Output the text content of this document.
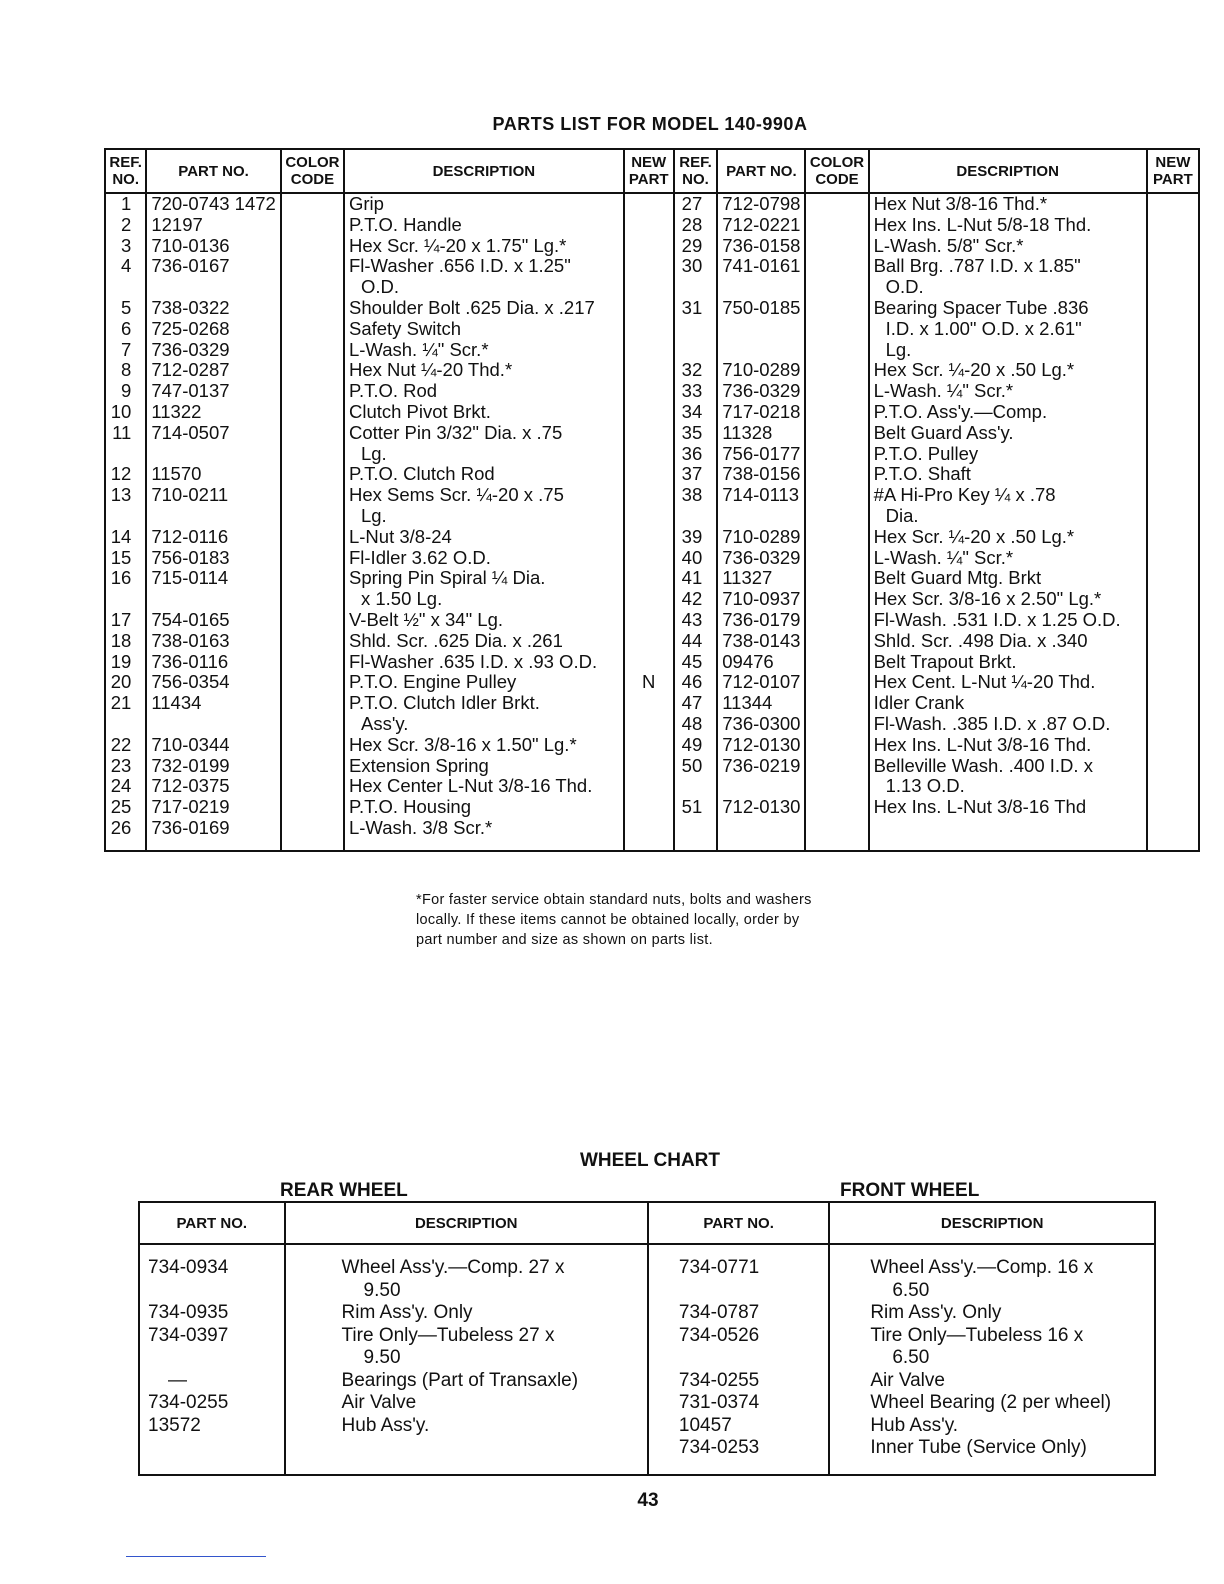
PARTS LIST FOR MODEL 140-990A
REF. NO.	PART NO.	COLOR CODE	DESCRIPTION	NEW PART	REF. NO.	PART NO.	COLOR CODE	DESCRIPTION	NEW PART
1	720-0743 1472		Grip		27	712-0798		Hex Nut 3/8-16 Thd.*	
2	12197		P.T.O. Handle		28	712-0221		Hex Ins. L-Nut 5/8-18 Thd.	
3	710-0136		Hex Scr. ¼-20 x 1.75" Lg.*		29	736-0158		L-Wash. 5/8" Scr.*	
4	736-0167		Fl-Washer .656 I.D. x 1.25"		30	741-0161		Ball Brg. .787 I.D. x 1.85"	
			O.D.					O.D.	
5	738-0322		Shoulder Bolt .625 Dia. x .217		31	750-0185		Bearing Spacer Tube .836	
6	725-0268		Safety Switch					I.D. x 1.00" O.D. x 2.61"	
7	736-0329		L-Wash. ¼" Scr.*					Lg.	
8	712-0287		Hex Nut ¼-20 Thd.*		32	710-0289		Hex Scr. ¼-20 x .50 Lg.*	
9	747-0137		P.T.O. Rod		33	736-0329		L-Wash. ¼" Scr.*	
10	11322		Clutch Pivot Brkt.		34	717-0218		P.T.O. Ass'y.—Comp.	
11	714-0507		Cotter Pin 3/32" Dia. x .75		35	11328		Belt Guard Ass'y.	
			Lg.		36	756-0177		P.T.O. Pulley	
12	11570		P.T.O. Clutch Rod		37	738-0156		P.T.O. Shaft	
13	710-0211		Hex Sems Scr. ¼-20 x .75		38	714-0113		#A Hi-Pro Key ¼ x .78	
			Lg.					Dia.	
14	712-0116		L-Nut 3/8-24		39	710-0289		Hex Scr. ¼-20 x .50 Lg.*	
15	756-0183		Fl-Idler 3.62 O.D.		40	736-0329		L-Wash. ¼" Scr.*	
16	715-0114		Spring Pin Spiral ¼ Dia.		41	11327		Belt Guard Mtg. Brkt	
			x 1.50 Lg.		42	710-0937		Hex Scr. 3/8-16 x 2.50" Lg.*	
17	754-0165		V-Belt ½" x 34" Lg.		43	736-0179		Fl-Wash. .531 I.D. x 1.25 O.D.	
18	738-0163		Shld. Scr. .625 Dia. x .261		44	738-0143		Shld. Scr. .498 Dia. x .340	
19	736-0116		Fl-Washer .635 I.D. x .93 O.D.		45	09476		Belt Trapout Brkt.	
20	756-0354		P.T.O. Engine Pulley	N	46	712-0107		Hex Cent. L-Nut ¼-20 Thd.	
21	11434		P.T.O. Clutch Idler Brkt.		47	11344		Idler Crank	
			Ass'y.		48	736-0300		Fl-Wash. .385 I.D. x .87 O.D.	
22	710-0344		Hex Scr. 3/8-16 x 1.50" Lg.*		49	712-0130		Hex Ins. L-Nut 3/8-16 Thd.	
23	732-0199		Extension Spring		50	736-0219		Belleville Wash. .400 I.D. x	
24	712-0375		Hex Center L-Nut 3/8-16 Thd.					1.13 O.D.	
25	717-0219		P.T.O. Housing		51	712-0130		Hex Ins. L-Nut 3/8-16 Thd	
26	736-0169		L-Wash. 3/8 Scr.*						
*For faster service obtain standard nuts, bolts and washers
locally. If these items cannot be obtained locally, order by
part number and size as shown on parts list.
WHEEL CHART
REAR WHEEL	FRONT WHEEL
PART NO.	DESCRIPTION	PART NO.	DESCRIPTION
734-0934	Wheel Ass'y.—Comp. 27 x	734-0771	Wheel Ass'y.—Comp. 16 x
	9.50		6.50
734-0935	Rim Ass'y. Only	734-0787	Rim Ass'y. Only
734-0397	Tire Only—Tubeless 27 x	734-0526	Tire Only—Tubeless 16 x
	9.50		6.50
—	Bearings (Part of Transaxle)	734-0255	Air Valve
734-0255	Air Valve	731-0374	Wheel Bearing (2 per wheel)
13572	Hub Ass'y.	10457	Hub Ass'y.
		734-0253	Inner Tube (Service Only)
43
